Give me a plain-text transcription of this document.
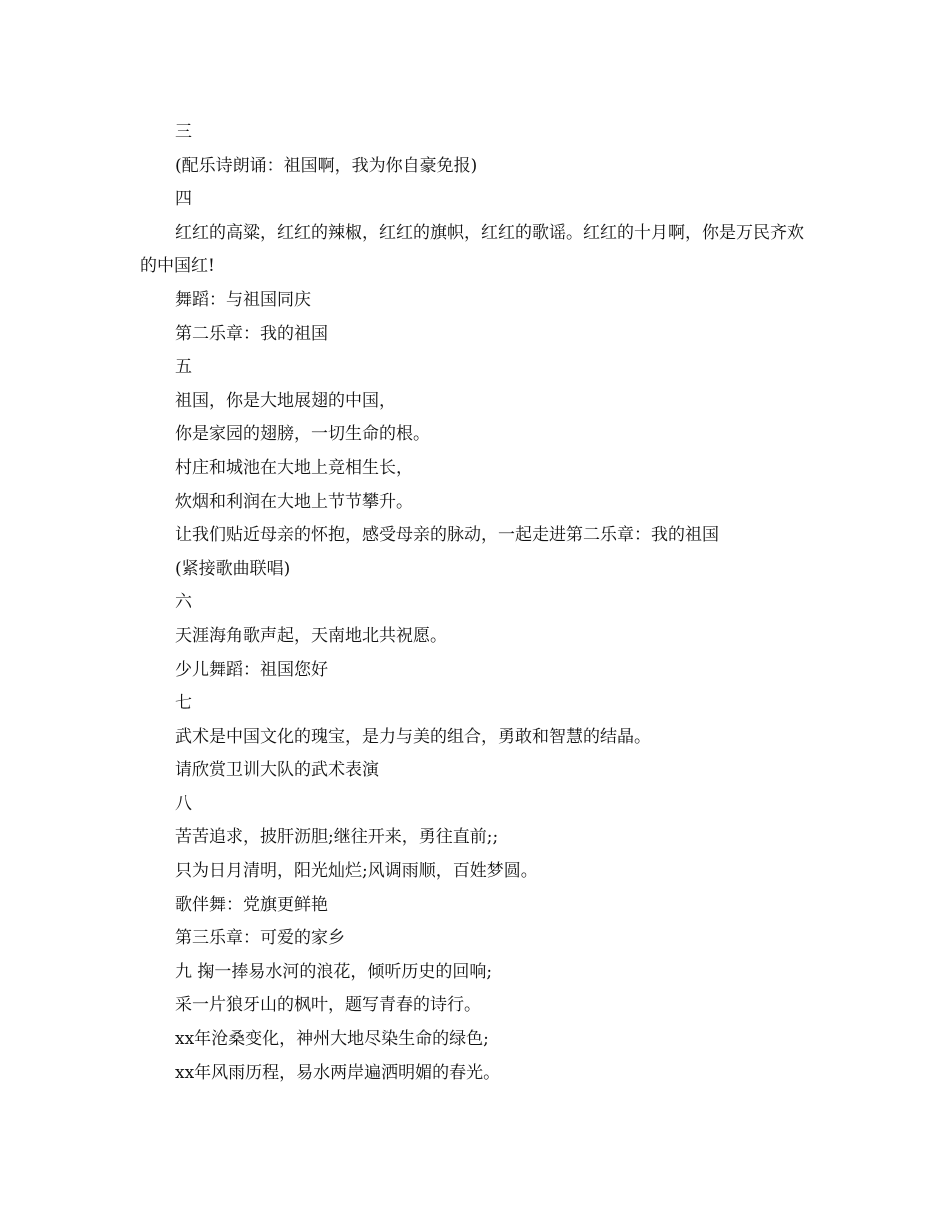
三

(配乐诗朗诵：祖国啊，我为你自豪免报)

四

红红的高粱，红红的辣椒，红红的旗帜，红红的歌谣。红红的十月啊，你是万民齐欢的中国红!

舞蹈：与祖国同庆

第二乐章：我的祖国

五

祖国，你是大地展翅的中国，

你是家园的翅膀，一切生命的根。

村庄和城池在大地上竞相生长，

炊烟和利润在大地上节节攀升。

让我们贴近母亲的怀抱，感受母亲的脉动，一起走进第二乐章：我的祖国

(紧接歌曲联唱)

六

天涯海角歌声起，天南地北共祝愿。

少儿舞蹈：祖国您好

七

武术是中国文化的瑰宝，是力与美的组合，勇敢和智慧的结晶。

请欣赏卫训大队的武术表演

八

苦苦追求，披肝沥胆;继往开来，勇往直前;;

只为日月清明，阳光灿烂;风调雨顺，百姓梦圆。

歌伴舞：党旗更鲜艳

第三乐章：可爱的家乡

九 掬一捧易水河的浪花，倾听历史的回响;

采一片狼牙山的枫叶，题写青春的诗行。

xx年沧桑变化，神州大地尽染生命的绿色;

xx年风雨历程，易水两岸遍洒明媚的春光。
